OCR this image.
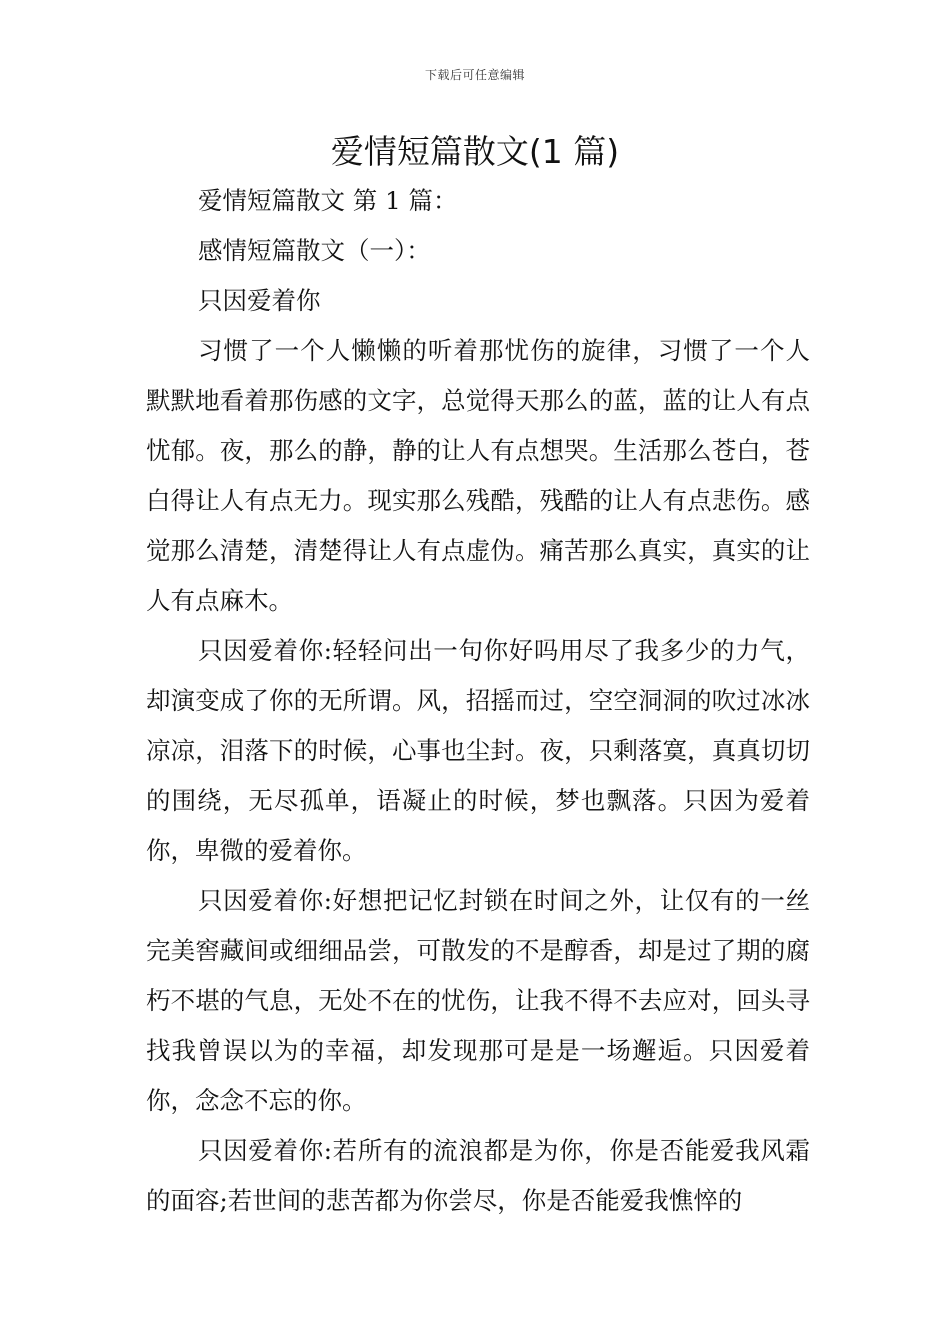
下载后可任意编辑
爱情短篇散文(1 篇)
爱情短篇散文 第 1 篇：
感情短篇散文（一）：
只因爱着你

习惯了一个人懒懒的听着那忧伤的旋律，习惯了一个人默默地看着那伤感的文字，总觉得天那么的蓝，蓝的让人有点忧郁。夜，那么的静，静的让人有点想哭。生活那么苍白，苍白得让人有点无力。现实那么残酷，残酷的让人有点悲伤。感觉那么清楚，清楚得让人有点虚伪。痛苦那么真实，真实的让人有点麻木。

只因爱着你:轻轻问出一句你好吗用尽了我多少的力气，却演变成了你的无所谓。风，招摇而过，空空洞洞的吹过冰冰凉凉，泪落下的时候，心事也尘封。夜，只剩落寞，真真切切的围绕，无尽孤单，语凝止的时候，梦也飘落。只因为爱着你，卑微的爱着你。

只因爱着你:好想把记忆封锁在时间之外，让仅有的一丝完美窖藏间或细细品尝，可散发的不是醇香，却是过了期的腐朽不堪的气息，无处不在的忧伤，让我不得不去应对，回头寻找我曾误以为的幸福，却发现那可是是一场邂逅。只因爱着你，念念不忘的你。

只因爱着你:若所有的流浪都是为你，你是否能爱我风霜的面容;若世间的悲苦都为你尝尽，你是否能爱我憔悴的
